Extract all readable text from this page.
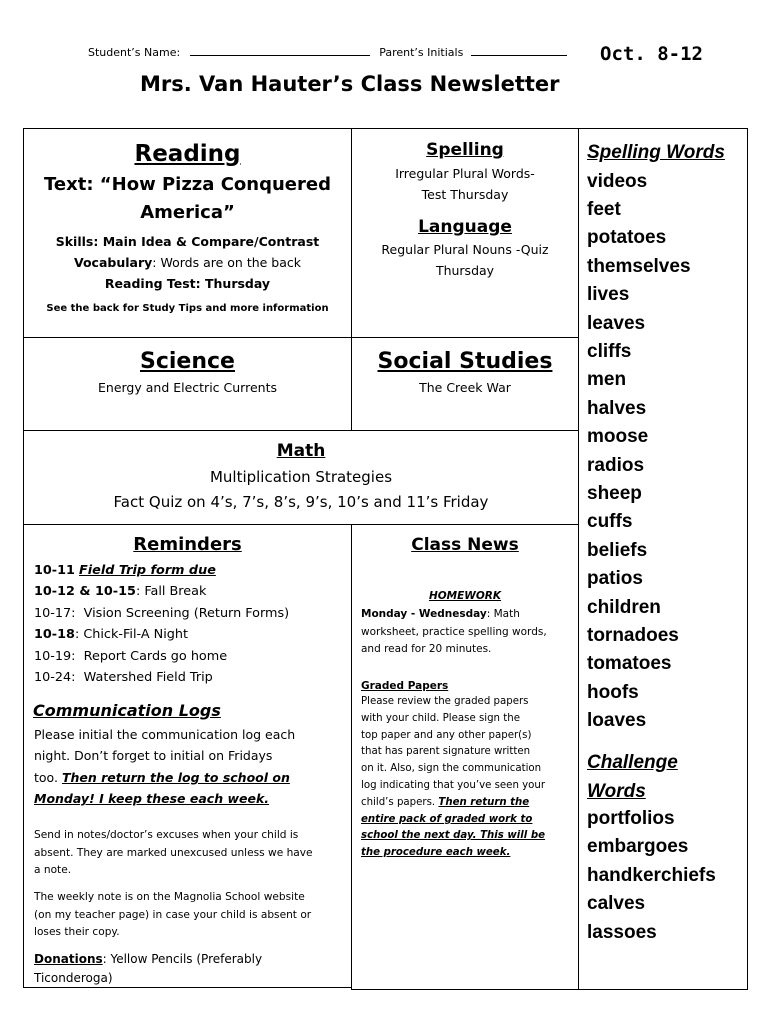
Student’s Name:	Parent’s Initials	Oct. 8-12
Mrs. Van Hauter’s Class Newsletter
Reading
Text: “How Pizza Conquered
America”
Skills: Main Idea & Compare/Contrast
Vocabulary: Words are on the back
Reading Test: Thursday
See the back for Study Tips and more information
Spelling
Irregular Plural Words-
Test Thursday
Language
Regular Plural Nouns -Quiz
Thursday
Science
Energy and Electric Currents
Social Studies
The Creek War
Math
Multiplication Strategies
Fact Quiz on 4’s, 7’s, 8’s, 9’s, 10’s and 11’s Friday
Reminders
10-11 Field Trip form due
10-12 & 10-15: Fall Break
10-17: Vision Screening (Return Forms)
10-18: Chick-Fil-A Night
10-19: Report Cards go home
10-24: Watershed Field Trip
Communication Logs
Please initial the communication log each
night. Don’t forget to initial on Fridays
too. Then return the log to school on
Monday! I keep these each week.
Send in notes/doctor’s excuses when your child is
absent. They are marked unexcused unless we have
a note.
The weekly note is on the Magnolia School website
(on my teacher page) in case your child is absent or
loses their copy.
Donations: Yellow Pencils (Preferably
Ticonderoga)
Class News
HOMEWORK
Monday - Wednesday: Math
worksheet, practice spelling words,
and read for 20 minutes.
Graded Papers
Please review the graded papers
with your child. Please sign the
top paper and any other paper(s)
that has parent signature written
on it. Also, sign the communication
log indicating that you’ve seen your
child’s papers. Then return the
entire pack of graded work to
school the next day. This will be
the procedure each week.
Spelling Words
videos
feet
potatoes
themselves
lives
leaves
cliffs
men
halves
moose
radios
sheep
cuffs
beliefs
patios
children
tornadoes
tomatoes
hoofs
loaves
Challenge
Words
portfolios
embargoes
handkerchiefs
calves
lassoes
